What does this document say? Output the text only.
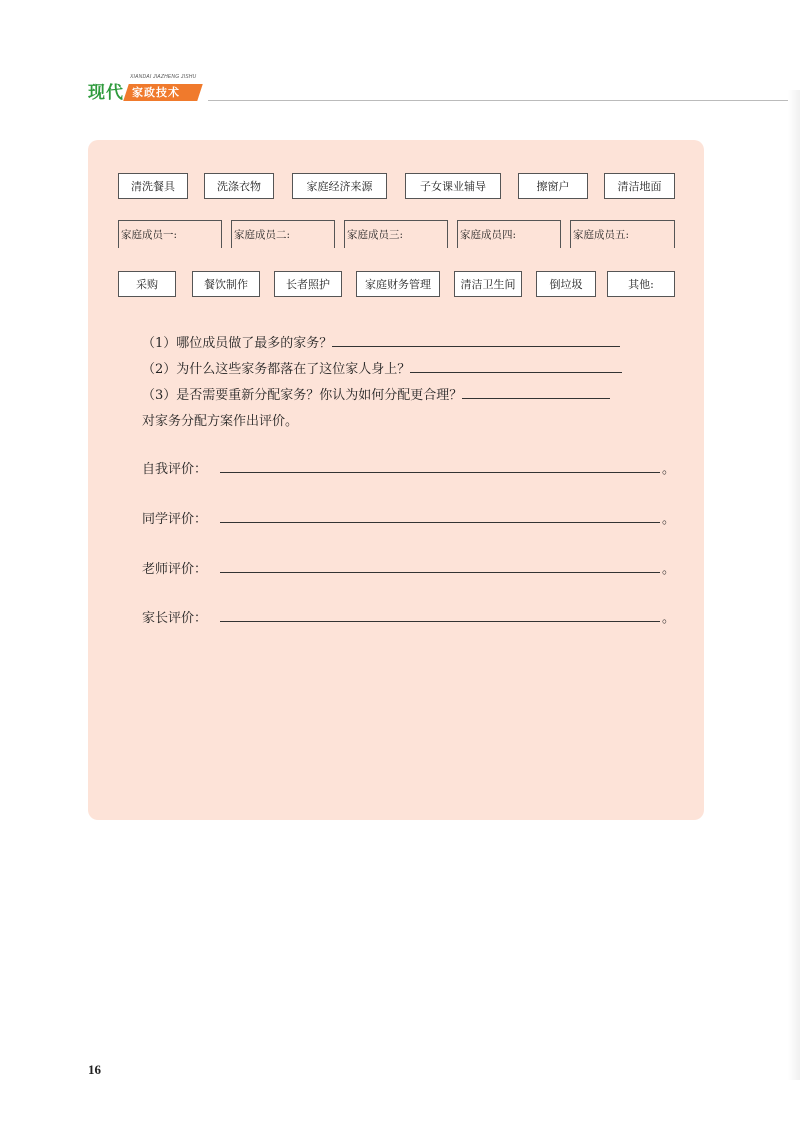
现代
XIANDAI JIAZHENG JISHU
家政技术
清洗餐具	洗涤衣物	家庭经济来源	子女课业辅导	擦窗户	清洁地面
家庭成员一:	家庭成员二:	家庭成员三:	家庭成员四:	家庭成员五:
采购	餐饮制作	长者照护	家庭财务管理	清洁卫生间	倒垃圾	其他:
（1）哪位成员做了最多的家务？
（2）为什么这些家务都落在了这位家人身上？
（3）是否需要重新分配家务？你认为如何分配更合理？
对家务分配方案作出评价。
自我评价：	。
同学评价：	。
老师评价：	。
家长评价：	。
16
